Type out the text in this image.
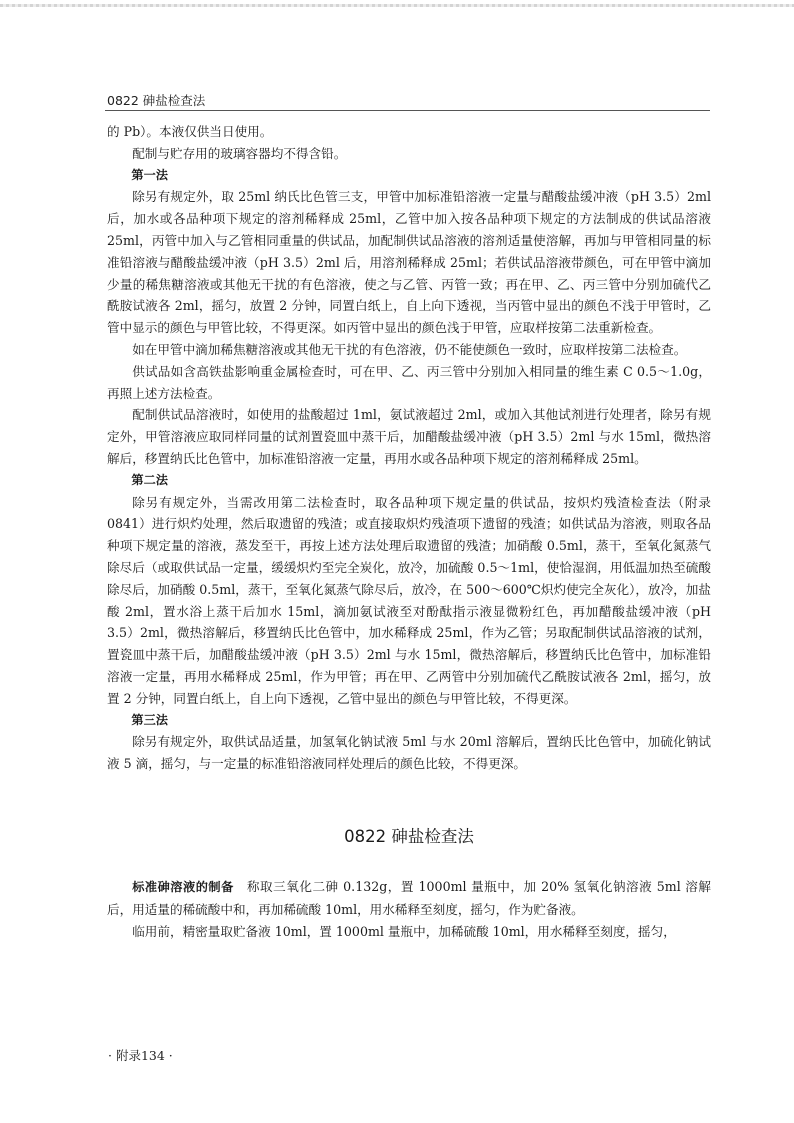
0822 砷盐检查法

的 Pb）。本液仅供当日使用。

配制与贮存用的玻璃容器均不得含铅。

第一法

除另有规定外，取 25ml 纳氏比色管三支，甲管中加标准铅溶液一定量与醋酸盐缓冲液（pH 3.5）2ml 后，加水或各品种项下规定的溶剂稀释成 25ml，乙管中加入按各品种项下规定的方法制成的供试品溶液 25ml，丙管中加入与乙管相同重量的供试品，加配制供试品溶液的溶剂适量使溶解，再加与甲管相同量的标准铅溶液与醋酸盐缓冲液（pH 3.5）2ml 后，用溶剂稀释成 25ml；若供试品溶液带颜色，可在甲管中滴加少量的稀焦糖溶液或其他无干扰的有色溶液，使之与乙管、丙管一致；再在甲、乙、丙三管中分别加硫代乙酰胺试液各 2ml，摇匀，放置 2 分钟，同置白纸上，自上向下透视，当丙管中显出的颜色不浅于甲管时，乙管中显示的颜色与甲管比较，不得更深。如丙管中显出的颜色浅于甲管，应取样按第二法重新检查。

如在甲管中滴加稀焦糖溶液或其他无干扰的有色溶液，仍不能使颜色一致时，应取样按第二法检查。

供试品如含高铁盐影响重金属检查时，可在甲、乙、丙三管中分别加入相同量的维生素 C 0.5～1.0g，再照上述方法检查。

配制供试品溶液时，如使用的盐酸超过 1ml，氨试液超过 2ml，或加入其他试剂进行处理者，除另有规定外，甲管溶液应取同样同量的试剂置瓷皿中蒸干后，加醋酸盐缓冲液（pH 3.5）2ml 与水 15ml，微热溶解后，移置纳氏比色管中，加标准铅溶液一定量，再用水或各品种项下规定的溶剂稀释成 25ml。

第二法

除另有规定外，当需改用第二法检查时，取各品种项下规定量的供试品，按炽灼残渣检查法（附录 0841）进行炽灼处理，然后取遗留的残渣；或直接取炽灼残渣项下遗留的残渣；如供试品为溶液，则取各品种项下规定量的溶液，蒸发至干，再按上述方法处理后取遗留的残渣；加硝酸 0.5ml，蒸干，至氧化氮蒸气除尽后（或取供试品一定量，缓缓炽灼至完全炭化，放冷，加硫酸 0.5～1ml，使恰湿润，用低温加热至硫酸除尽后，加硝酸 0.5ml，蒸干，至氧化氮蒸气除尽后，放冷，在 500～600℃炽灼使完全灰化），放冷，加盐酸 2ml，置水浴上蒸干后加水 15ml，滴加氨试液至对酚酞指示液显微粉红色，再加醋酸盐缓冲液（pH 3.5）2ml，微热溶解后，移置纳氏比色管中，加水稀释成 25ml，作为乙管；另取配制供试品溶液的试剂，置瓷皿中蒸干后，加醋酸盐缓冲液（pH 3.5）2ml 与水 15ml，微热溶解后，移置纳氏比色管中，加标准铅溶液一定量，再用水稀释成 25ml，作为甲管；再在甲、乙两管中分别加硫代乙酰胺试液各 2ml，摇匀，放置 2 分钟，同置白纸上，自上向下透视，乙管中显出的颜色与甲管比较，不得更深。

第三法

除另有规定外，取供试品适量，加氢氧化钠试液 5ml 与水 20ml 溶解后，置纳氏比色管中，加硫化钠试液 5 滴，摇匀，与一定量的标准铅溶液同样处理后的颜色比较，不得更深。

0822 砷盐检查法

标准砷溶液的制备　 称取三氧化二砷 0.132g，置 1000ml 量瓶中，加 20% 氢氧化钠溶液 5ml 溶解后，用适量的稀硫酸中和，再加稀硫酸 10ml，用水稀释至刻度，摇匀，作为贮备液。

临用前，精密量取贮备液 10ml，置 1000ml 量瓶中，加稀硫酸 10ml，用水稀释至刻度，摇匀，

· 附录134 ·
